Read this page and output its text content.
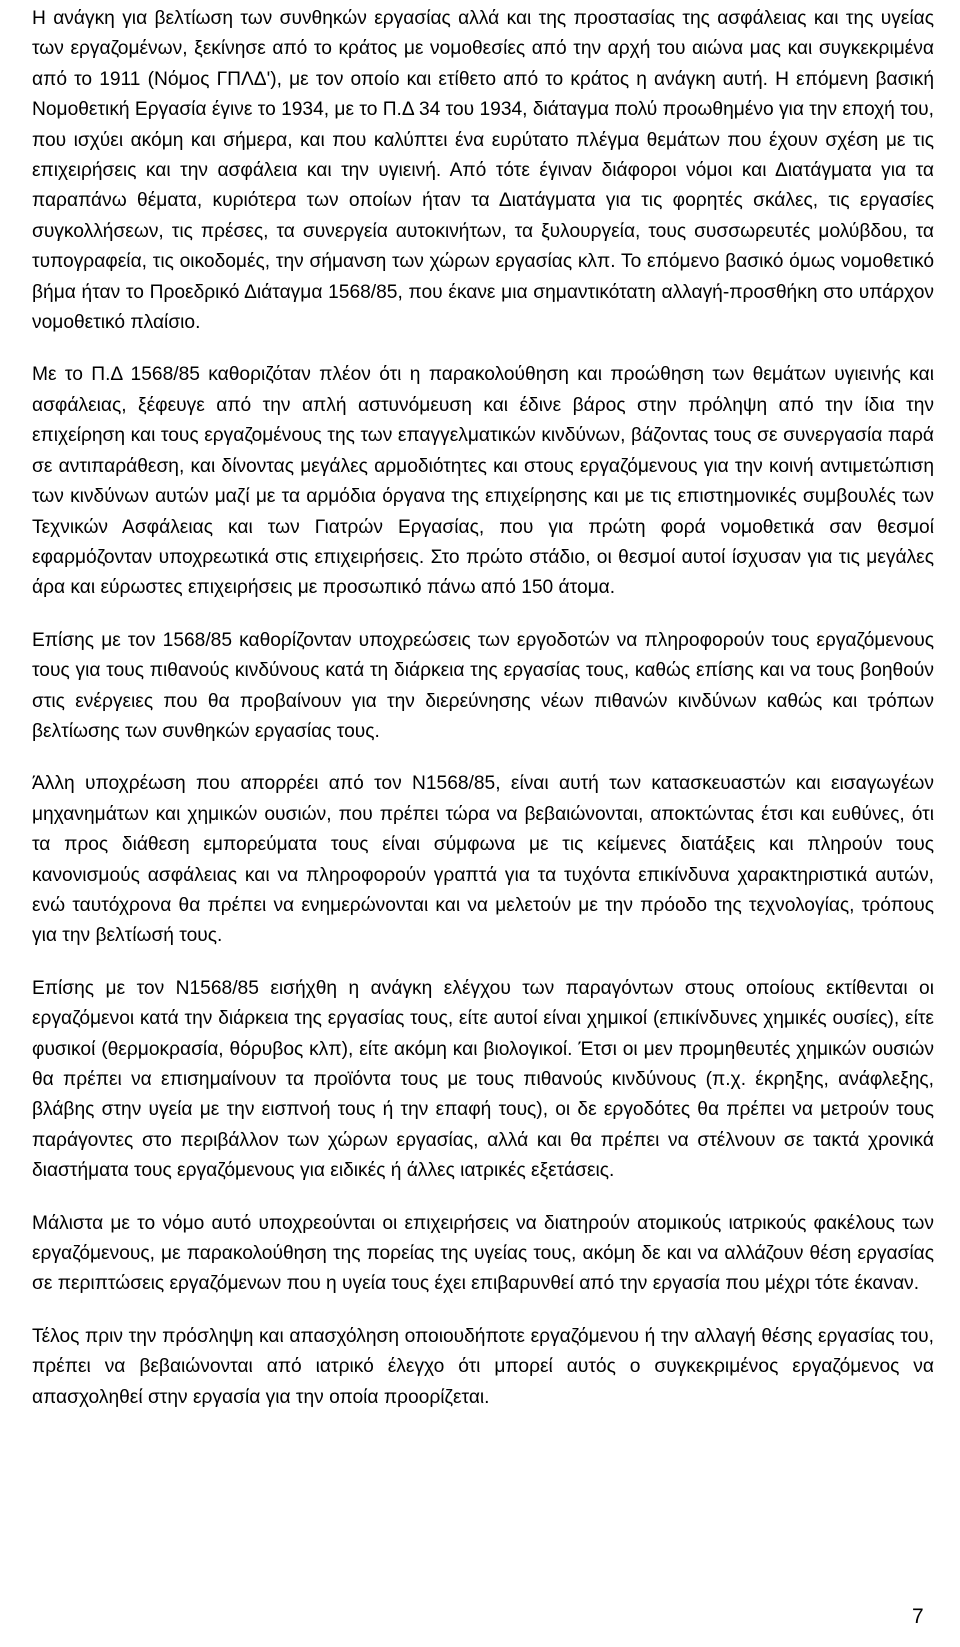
Η ανάγκη για βελτίωση των συνθηκών εργασίας αλλά και της προστασίας της ασφάλειας και της υγείας των εργαζομένων, ξεκίνησε από το κράτος με νομοθεσίες από την αρχή του αιώνα μας και συγκεκριμένα από το 1911 (Νόμος ΓΠΛΔ'), με τον οποίο και ετίθετο από το κράτος η ανάγκη αυτή. Η επόμενη βασική Νομοθετική Εργασία έγινε το 1934, με το Π.Δ 34 του 1934, διάταγμα πολύ προωθημένο για την εποχή του, που ισχύει ακόμη και σήμερα, και που καλύπτει ένα ευρύτατο πλέγμα θεμάτων που έχουν σχέση με τις επιχειρήσεις και την ασφάλεια και την υγιεινή. Από τότε έγιναν διάφοροι νόμοι και Διατάγματα για τα παραπάνω θέματα, κυριότερα των οποίων ήταν τα Διατάγματα για τις φορητές σκάλες, τις εργασίες συγκολλήσεων, τις πρέσες, τα συνεργεία αυτοκινήτων, τα ξυλουργεία, τους συσσωρευτές μολύβδου, τα τυπογραφεία, τις οικοδομές, την σήμανση των χώρων εργασίας κλπ. Το επόμενο βασικό όμως νομοθετικό βήμα ήταν το Προεδρικό Διάταγμα 1568/85, που έκανε μια σημαντικότατη αλλαγή-προσθήκη στο υπάρχον νομοθετικό πλαίσιο.

Με το Π.Δ 1568/85 καθοριζόταν πλέον ότι η παρακολούθηση και προώθηση των θεμάτων υγιεινής και ασφάλειας, ξέφευγε από την απλή αστυνόμευση και έδινε βάρος στην πρόληψη από την ίδια την επιχείρηση και τους εργαζομένους της των επαγγελματικών κινδύνων, βάζοντας τους σε συνεργασία παρά σε αντιπαράθεση, και δίνοντας μεγάλες αρμοδιότητες και στους εργαζόμενους για την κοινή αντιμετώπιση των κινδύνων αυτών μαζί με τα αρμόδια όργανα της επιχείρησης και με τις επιστημονικές συμβουλές των Τεχνικών Ασφάλειας και των Γιατρών Εργασίας, που για πρώτη φορά νομοθετικά σαν θεσμοί εφαρμόζονταν υποχρεωτικά στις επιχειρήσεις. Στο πρώτο στάδιο, οι θεσμοί αυτοί ίσχυσαν για τις μεγάλες άρα και εύρωστες επιχειρήσεις με προσωπικό πάνω από 150 άτομα.

Επίσης με τον 1568/85 καθορίζονταν υποχρεώσεις των εργοδοτών να πληροφορούν τους εργαζόμενους τους για τους πιθανούς κινδύνους κατά τη διάρκεια της εργασίας τους, καθώς επίσης και να τους βοηθούν στις ενέργειες που θα προβαίνουν για την διερεύνησης νέων πιθανών κινδύνων καθώς και τρόπων βελτίωσης των συνθηκών εργασίας τους.

Άλλη υποχρέωση που απορρέει από τον Ν1568/85, είναι αυτή των κατασκευαστών και εισαγωγέων μηχανημάτων και χημικών ουσιών, που πρέπει τώρα να βεβαιώνονται, αποκτώντας έτσι και ευθύνες, ότι τα προς διάθεση εμπορεύματα τους είναι σύμφωνα με τις κείμενες διατάξεις και πληρούν τους κανονισμούς ασφάλειας και να πληροφορούν γραπτά για τα τυχόντα επικίνδυνα χαρακτηριστικά αυτών, ενώ ταυτόχρονα θα πρέπει να ενημερώνονται και να μελετούν με την πρόοδο της τεχνολογίας, τρόπους για την βελτίωσή τους.

Επίσης με τον Ν1568/85 εισήχθη η ανάγκη ελέγχου των παραγόντων στους οποίους εκτίθενται οι εργαζόμενοι κατά την διάρκεια της εργασίας τους, είτε αυτοί είναι χημικοί (επικίνδυνες χημικές ουσίες), είτε φυσικοί (θερμοκρασία, θόρυβος κλπ), είτε ακόμη και βιολογικοί. Έτσι οι μεν προμηθευτές χημικών ουσιών θα πρέπει να επισημαίνουν τα προϊόντα τους με τους πιθανούς κινδύνους (π.χ. έκρηξης, ανάφλεξης, βλάβης στην υγεία με την εισπνοή τους ή την επαφή τους), οι δε εργοδότες θα πρέπει να μετρούν τους παράγοντες στο περιβάλλον των χώρων εργασίας, αλλά και θα πρέπει να στέλνουν σε τακτά χρονικά διαστήματα τους εργαζόμενους για ειδικές ή άλλες ιατρικές εξετάσεις.

Μάλιστα με το νόμο αυτό υποχρεούνται οι επιχειρήσεις να διατηρούν ατομικούς ιατρικούς φακέλους των εργαζόμενους, με παρακολούθηση της πορείας της υγείας τους, ακόμη δε και να αλλάζουν θέση εργασίας σε περιπτώσεις εργαζόμενων που η υγεία τους έχει επιβαρυνθεί από την εργασία που μέχρι τότε έκαναν.

Τέλος πριν την πρόσληψη και απασχόληση οποιουδήποτε εργαζόμενου ή την αλλαγή θέσης εργασίας του, πρέπει να βεβαιώνονται από ιατρικό έλεγχο ότι μπορεί αυτός ο συγκεκριμένος εργαζόμενος να απασχοληθεί στην εργασία για την οποία προορίζεται.

7
